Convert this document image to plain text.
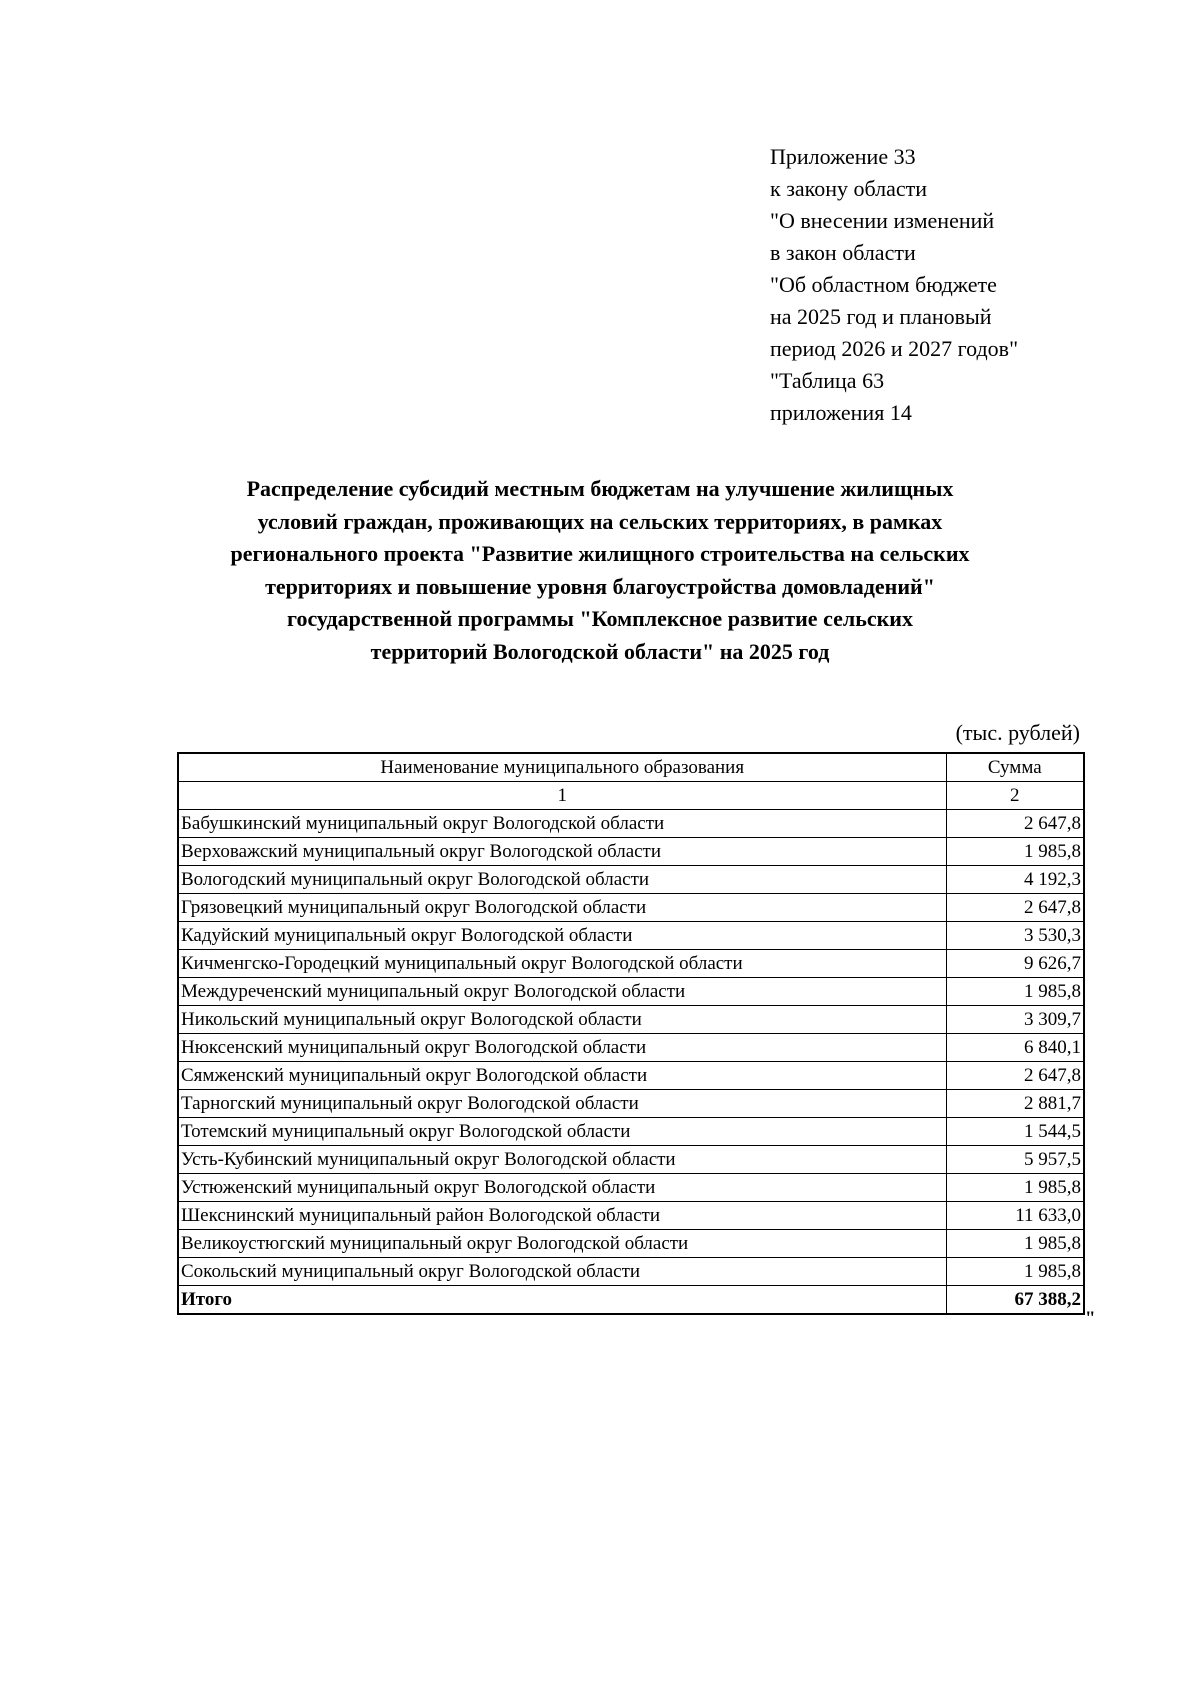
Приложение 33
к закону области
"О внесении изменений
в закон области
"Об областном бюджете
на 2025 год и плановый
период 2026 и 2027 годов"
"Таблица 63
приложения 14
Распределение субсидий местным бюджетам на улучшение жилищных
условий граждан, проживающих на сельских территориях, в рамках
регионального проекта "Развитие жилищного строительства на сельских
территориях и повышение уровня благоустройства домовладений"
государственной программы "Комплексное развитие сельских
территорий Вологодской области" на 2025 год
(тыс. рублей)
Наименование муниципального образования	Сумма
1	2
Бабушкинский муниципальный округ Вологодской области	2 647,8
Верховажский муниципальный округ Вологодской области	1 985,8
Вологодский муниципальный округ Вологодской области	4 192,3
Грязовецкий муниципальный округ Вологодской области	2 647,8
Кадуйский муниципальный округ Вологодской области	3 530,3
Кичменгско-Городецкий муниципальный округ Вологодской области	9 626,7
Междуреченский муниципальный округ Вологодской области	1 985,8
Никольский муниципальный округ Вологодской области	3 309,7
Нюксенский муниципальный округ Вологодской области	6 840,1
Сямженский муниципальный округ Вологодской области	2 647,8
Тарногский муниципальный округ Вологодской области	2 881,7
Тотемский муниципальный округ Вологодской области	1 544,5
Усть-Кубинский муниципальный округ Вологодской области	5 957,5
Устюженский муниципальный округ Вологодской области	1 985,8
Шекснинский муниципальный район Вологодской области	11 633,0
Великоустюгский муниципальный округ Вологодской области	1 985,8
Сокольский муниципальный округ Вологодской области	1 985,8
Итого	67 388,2
"
